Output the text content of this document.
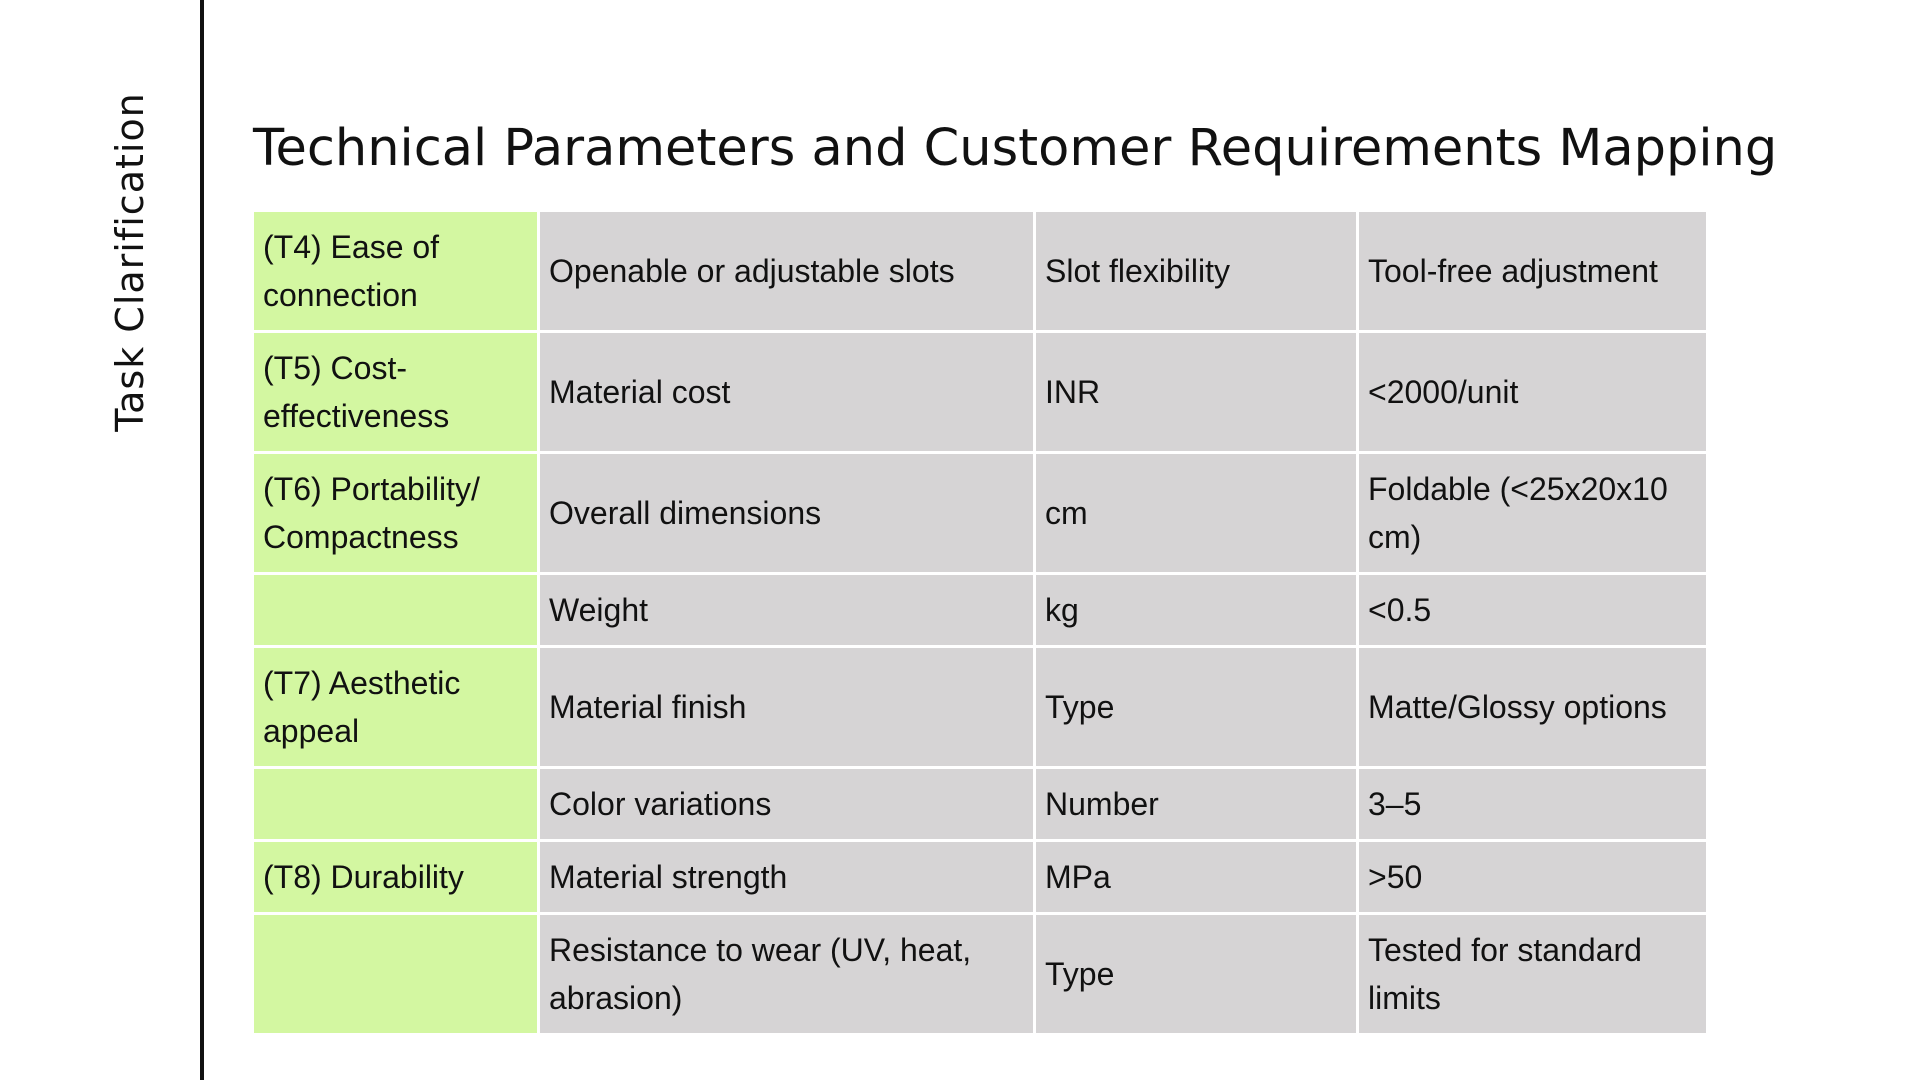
Task Clarification Technical Parameters and Customer Requirements Mapping
(T4) Ease of connection	Openable or adjustable slots	Slot flexibility	Tool-free adjustment
(T5) Cost-effectiveness	Material cost	INR	<2000/unit
(T6) Portability/ Compactness	Overall dimensions	cm	Foldable (<25x20x10 cm)
	Weight	kg	<0.5
(T7) Aesthetic appeal	Material finish	Type	Matte/Glossy options
	Color variations	Number	3–5
(T8) Durability	Material strength	MPa	>50
	Resistance to wear (UV, heat, abrasion)	Type	Tested for standard limits
